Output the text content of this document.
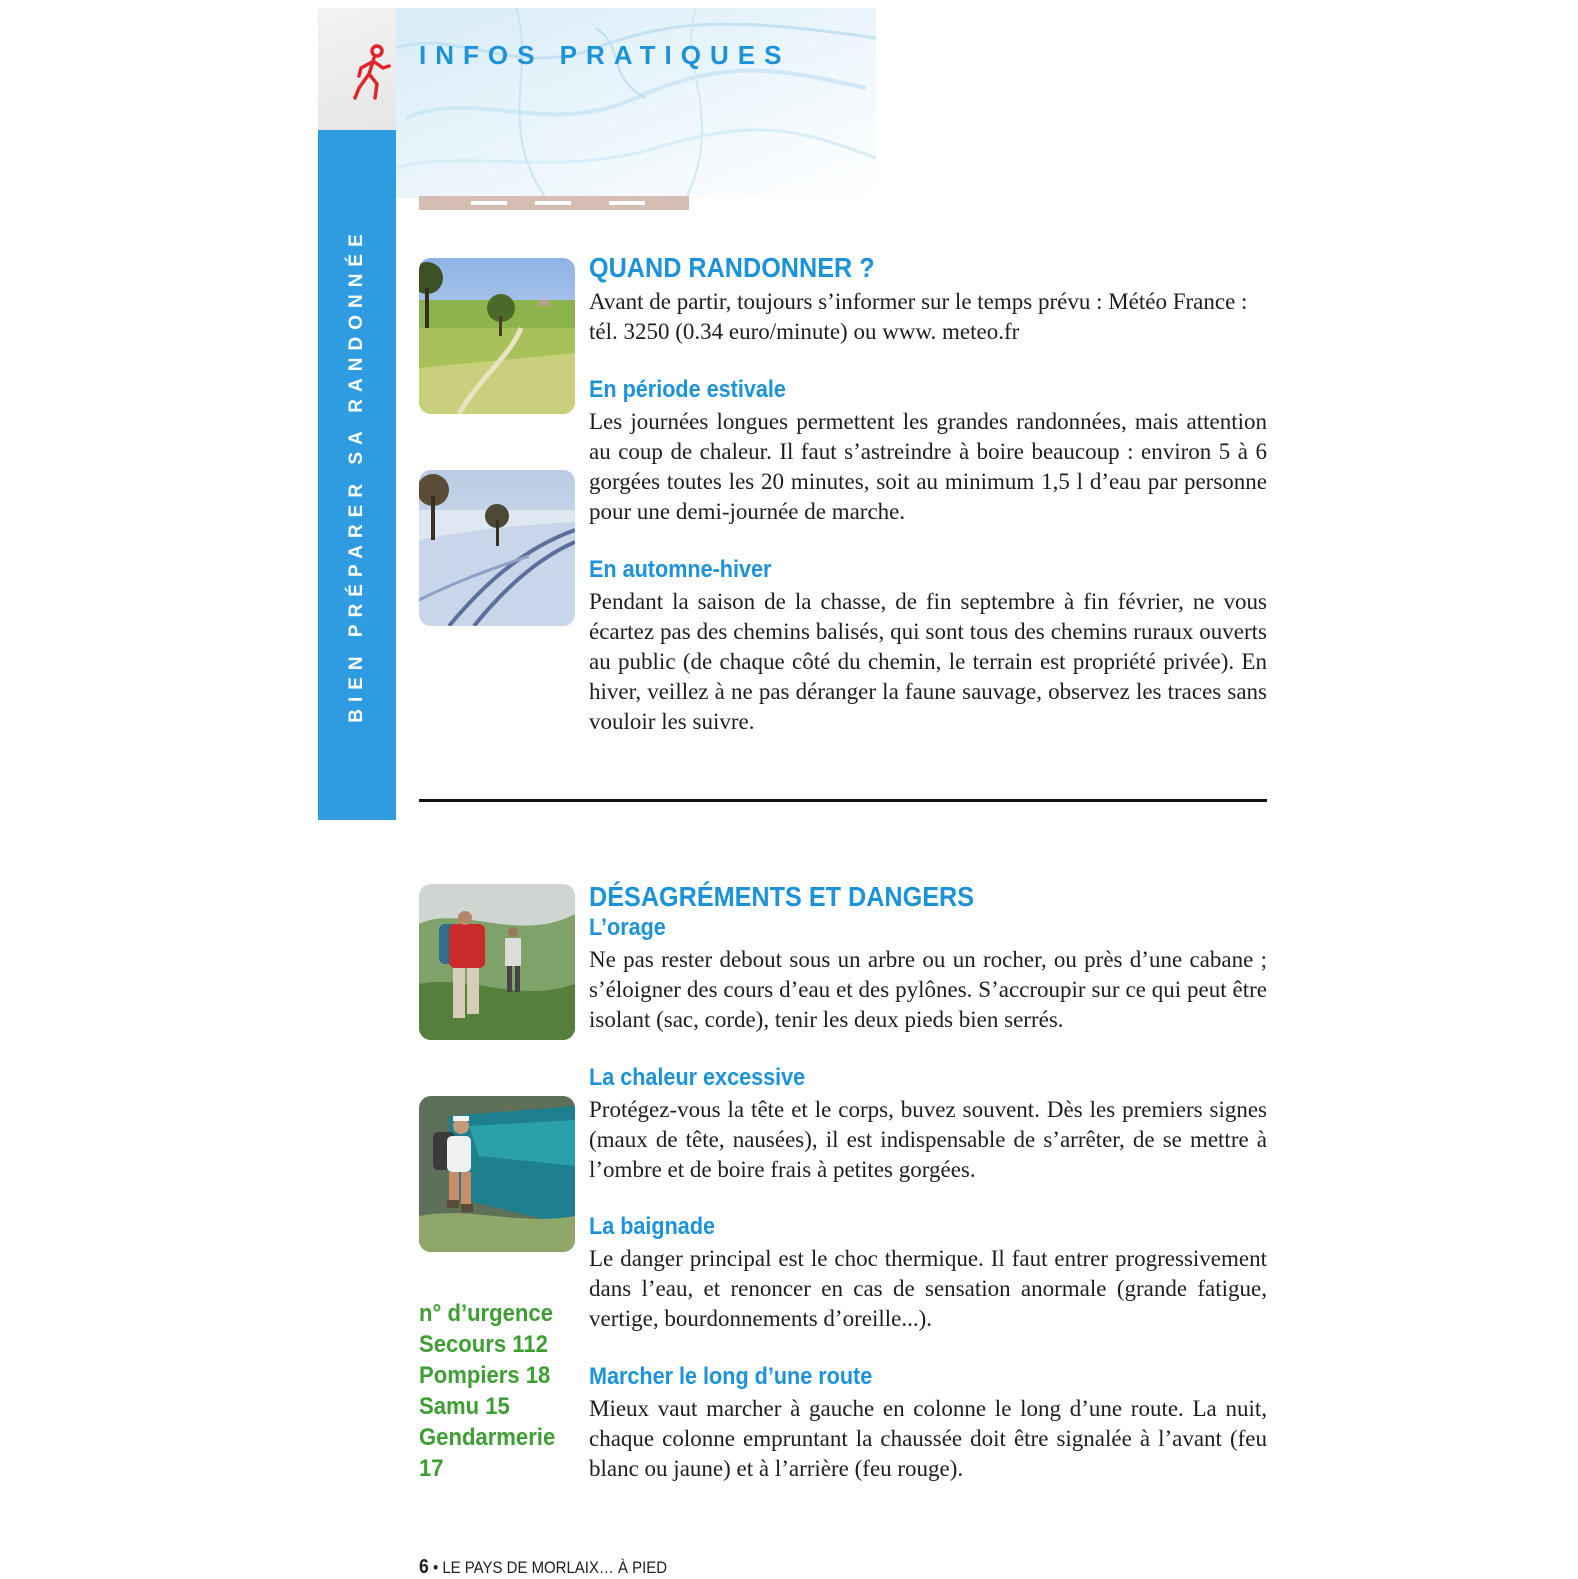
INFOS PRATIQUES
BIEN PRÉPARER SA RANDONNÉE	QUAND RANDONNER ?
Avant de partir, toujours s’informer sur le temps prévu : Météo France : tél. 3250 (0.34 euro/minute) ou www. meteo.fr
En période estivale
Les journées longues permettent les grandes randonnées, mais attention au coup de chaleur. Il faut s’astreindre à boire beaucoup : environ 5 à 6 gorgées toutes les 20 minutes, soit au minimum 1,5 l d’eau par personne pour une demi-journée de marche.
En automne-hiver
Pendant la saison de la chasse, de fin septembre à fin février, ne vous écartez pas des chemins balisés, qui sont tous des chemins ruraux ouverts au public (de chaque côté du chemin, le terrain est propriété privée). En hiver, veillez à ne pas déranger la faune sauvage, observez les traces sans vouloir les suivre.
DÉSAGRÉMENTS ET DANGERS
L’orage
Ne pas rester debout sous un arbre ou un rocher, ou près d’une cabane ; s’éloigner des cours d’eau et des pylônes. S’accroupir sur ce qui peut être isolant (sac, corde), tenir les deux pieds bien serrés.
La chaleur excessive
Protégez-vous la tête et le corps, buvez souvent. Dès les premiers signes (maux de tête, nausées), il est indispensable de s’arrêter, de se mettre à l’ombre et de boire frais à petites gorgées.
La baignade
Le danger principal est le choc thermique. Il faut entrer progressivement dans l’eau, et renoncer en cas de sensation anormale (grande fatigue, vertige, bourdonnements d’oreille...).
Marcher le long d’une route
Mieux vaut marcher à gauche en colonne le long d’une route. La nuit, chaque colonne empruntant la chaussée doit être signalée à l’avant (feu blanc ou jaune) et à l’arrière (feu rouge).
n° d’urgence
Secours 112
Pompiers 18
Samu 15
Gendarmerie
17
6 • LE PAYS DE MORLAIX… À PIED
